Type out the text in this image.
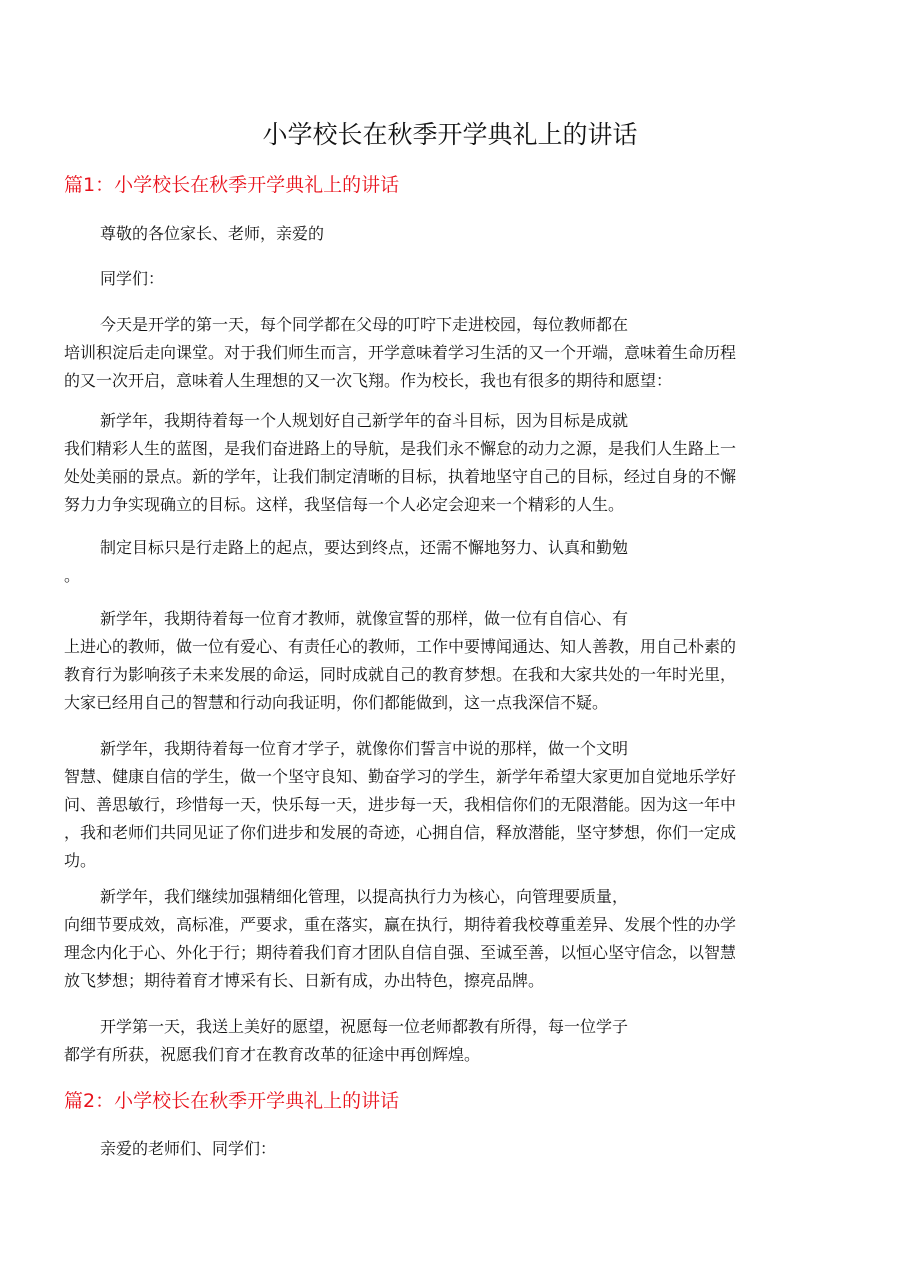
小学校长在秋季开学典礼上的讲话
篇1：小学校长在秋季开学典礼上的讲话
尊敬的各位家长、老师，亲爱的
同学们：
今天是开学的第一天，每个同学都在父母的叮咛下走进校园，每位教师都在
培训积淀后走向课堂。对于我们师生而言，开学意味着学习生活的又一个开端，意味着生命历程
的又一次开启，意味着人生理想的又一次飞翔。作为校长，我也有很多的期待和愿望：
新学年，我期待着每一个人规划好自己新学年的奋斗目标，因为目标是成就
我们精彩人生的蓝图，是我们奋进路上的导航，是我们永不懈怠的动力之源，是我们人生路上一
处处美丽的景点。新的学年，让我们制定清晰的目标，执着地坚守自己的目标，经过自身的不懈
努力力争实现确立的目标。这样，我坚信每一个人必定会迎来一个精彩的人生。
制定目标只是行走路上的起点，要达到终点，还需不懈地努力、认真和勤勉
。
新学年，我期待着每一位育才教师，就像宣誓的那样，做一位有自信心、有
上进心的教师，做一位有爱心、有责任心的教师，工作中要博闻通达、知人善教，用自己朴素的
教育行为影响孩子未来发展的命运，同时成就自己的教育梦想。在我和大家共处的一年时光里，
大家已经用自己的智慧和行动向我证明，你们都能做到，这一点我深信不疑。
新学年，我期待着每一位育才学子，就像你们誓言中说的那样，做一个文明
智慧、健康自信的学生，做一个坚守良知、勤奋学习的学生，新学年希望大家更加自觉地乐学好
问、善思敏行，珍惜每一天，快乐每一天，进步每一天，我相信你们的无限潜能。因为这一年中
，我和老师们共同见证了你们进步和发展的奇迹，心拥自信，释放潜能，坚守梦想，你们一定成
功。
新学年，我们继续加强精细化管理，以提高执行力为核心，向管理要质量，
向细节要成效，高标准，严要求，重在落实，赢在执行，期待着我校尊重差异、发展个性的办学
理念内化于心、外化于行；期待着我们育才团队自信自强、至诚至善，以恒心坚守信念，以智慧
放飞梦想；期待着育才博采有长、日新有成，办出特色，擦亮品牌。
开学第一天，我送上美好的愿望，祝愿每一位老师都教有所得，每一位学子
都学有所获，祝愿我们育才在教育改革的征途中再创辉煌。
篇2：小学校长在秋季开学典礼上的讲话
亲爱的老师们、同学们：
